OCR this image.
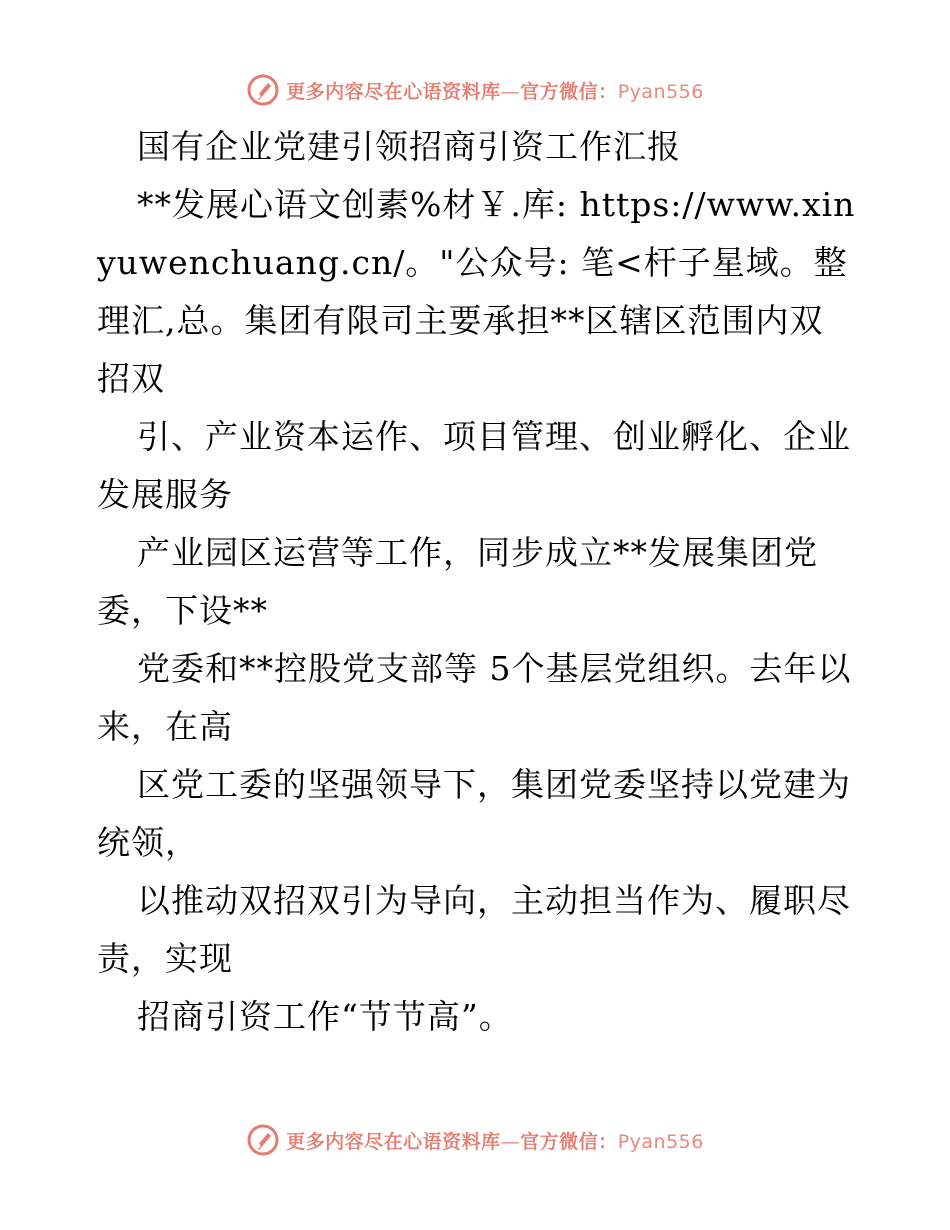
更多内容尽在心语资料库—官方微信：Pyan556

国有企业党建引领招商引资工作汇报

**发展心语文创素%材￥.库: https://www.xinyuwenchuang.cn/。"公众号: 笔<杆子星域。整理汇,总。集团有限司主要承担**区辖区范围内双招双

引、产业资本运作、项目管理、创业孵化、企业发展服务

产业园区运营等工作，同步成立**发展集团党委，下设**

党委和**控股党支部等 5个基层党组织。去年以来，在高

区党工委的坚强领导下，集团党委坚持以党建为统领，

以推动双招双引为导向，主动担当作为、履职尽责，实现

招商引资工作“节节高”。

更多内容尽在心语资料库—官方微信：Pyan556
